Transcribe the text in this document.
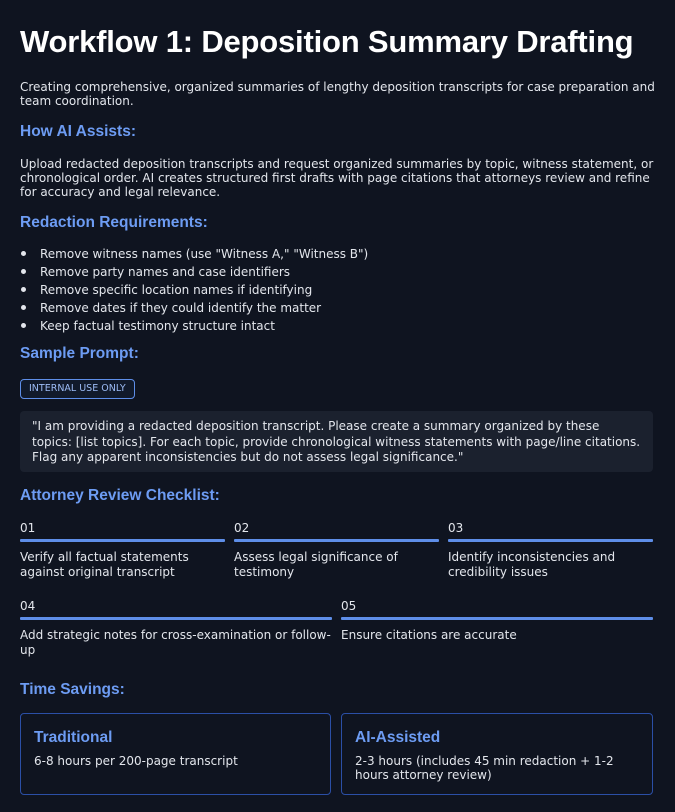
Workflow 1: Deposition Summary Drafting

Creating comprehensive, organized summaries of lengthy deposition transcripts for case preparation and team coordination.

How AI Assists:

Upload redacted deposition transcripts and request organized summaries by topic, witness statement, or chronological order. AI creates structured first drafts with page citations that attorneys review and refine for accuracy and legal relevance.

Redaction Requirements:
Remove witness names (use "Witness A," "Witness B")
Remove party names and case identifiers
Remove specific location names if identifying
Remove dates if they could identify the matter
Keep factual testimony structure intact
Sample Prompt:
INTERNAL USE ONLY
"I am providing a redacted deposition transcript. Please create a summary organized by these topics: [list topics]. For each topic, provide chronological witness statements with page/line citations. Flag any apparent inconsistencies but do not assess legal significance."
Attorney Review Checklist:
01
Verify all factual statements against original transcript
02
Assess legal significance of testimony
03
Identify inconsistencies and credibility issues
04
Add strategic notes for cross-examination or follow-up
05
Ensure citations are accurate
Time Savings:
Traditional
6-8 hours per 200-page transcript
AI-Assisted
2-3 hours (includes 45 min redaction + 1-2 hours attorney review)
